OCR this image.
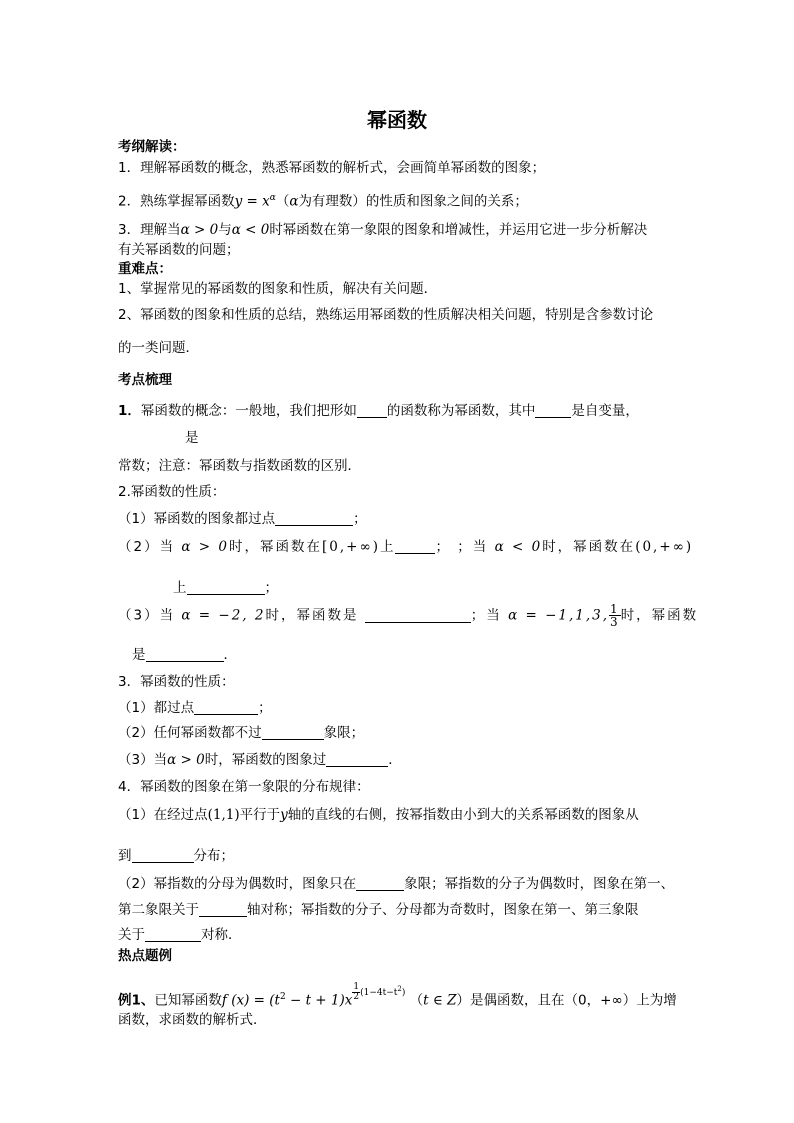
幂函数
考纲解读：
1．理解幂函数的概念，熟悉幂函数的解析式，会画简单幂函数的图象；
2．熟练掌握幂函数$y = x^\alpha(\alpha$为有理数）的性质和图象之间的关系；
3．理解当α > 0与α < 0时幂函数在第一象限的图象和增减性，并运用它进一步分析解决
有关幂函数的问题；
重难点：
1、掌握常见的幂函数的图象和性质，解决有关问题．
2、幂函数的图象和性质的总结，熟练运用幂函数的性质解决相关问题，特别是含参数讨论
的一类问题．
考点梳理
1．幂函数的概念：一般地，我们把形如 的函数称为幂函数，其中	是自变量，
是
常数；注意：幂函数与指数函数的区别．
2.幂函数的性质：
（1）幂函数的图象都过点	；
（2）当 α > 0时，幂函数在[0,+∞)上	； ；当 α < 0时，幂函数在(0,+∞)
上	；
（3）当 α = −2, 2时，幂函数是	；当 α = −1,1,3, $\frac{1}{3}$ 时，幂函数
是	．
3．幂函数的性质：
（1）都过点	；
（2）任何幂函数都不过	象限；
（3）当α > 0时，幂函数的图象过	．
4．幂函数的图象在第一象限的分布规律：
（1）在经过点(1,1)平行于y轴的直线的右侧，按幂指数由小到大的关系幂函数的图象从
到	分布；
（2）幂指数的分母为偶数时，图象只在	象限；幂指数的分子为偶数时，图象在第一、
第二象限关于	轴对称；幂指数的分子、分母都为奇数时，图象在第一、第三象限
关于	对称．
热点题例
例1、已知幂函数f $(x) = (t^2 - t + 1)x$ $^{\frac{1}{2} (1-4t-t^2)}$ （t ∈ Z）是偶函数，且在（0，+∞）上为增
函数，求函数的解析式．
